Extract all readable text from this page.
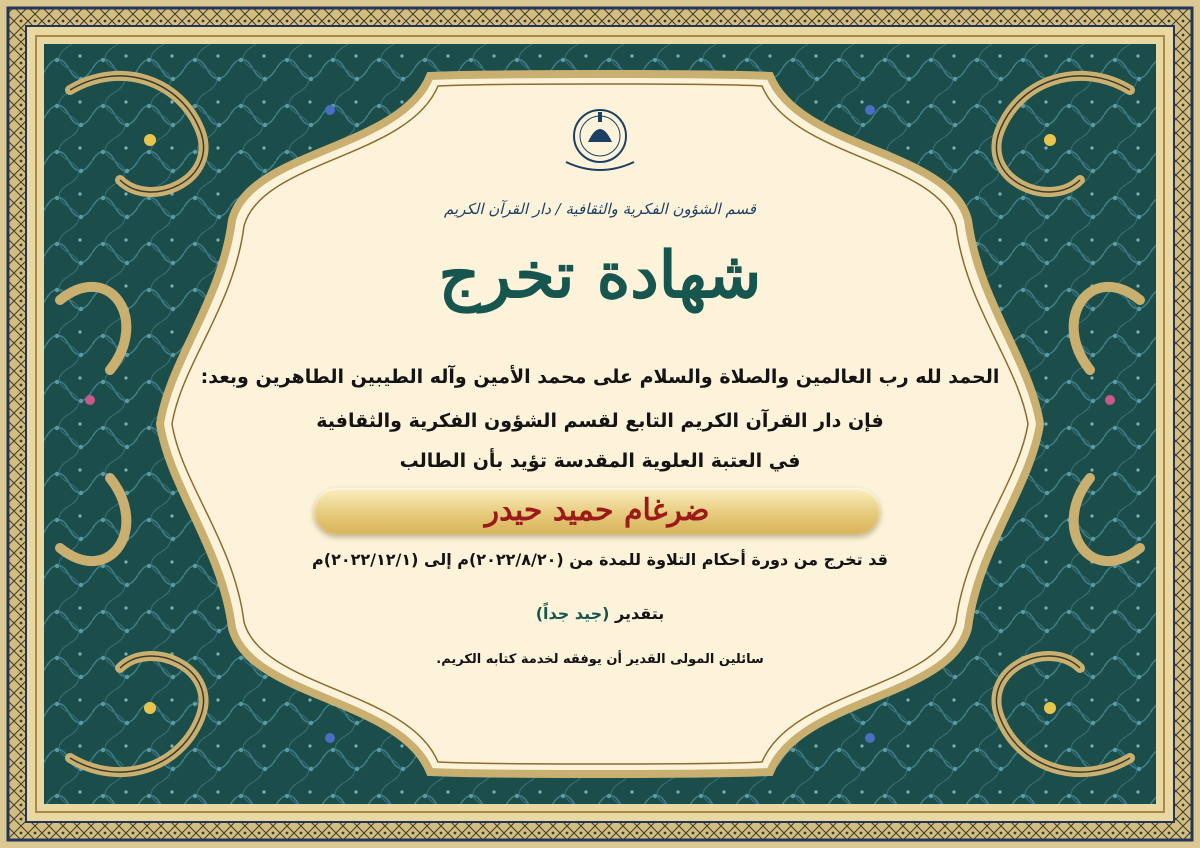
قسم الشؤون الفكرية والثقافية / دار القرآن الكريم
شهادة تخرج
الحمد لله رب العالمين والصلاة والسلام على محمد الأمين وآله الطيبين الطاهرين وبعد:
فإن دار القرآن الكريم التابع لقسم الشؤون الفكرية والثقافية
في العتبة العلوية المقدسة تؤيد بأن الطالب
ضرغام حميد حيدر
قد تخرج من دورة أحكام التلاوة للمدة من (٢٠٢٢/٨/٢٠)م إلى (٢٠٢٢/١٢/١)م
بتقدير (جيد جداً)
سائلين المولى القدير أن يوفقه لخدمة كتابه الكريم.
